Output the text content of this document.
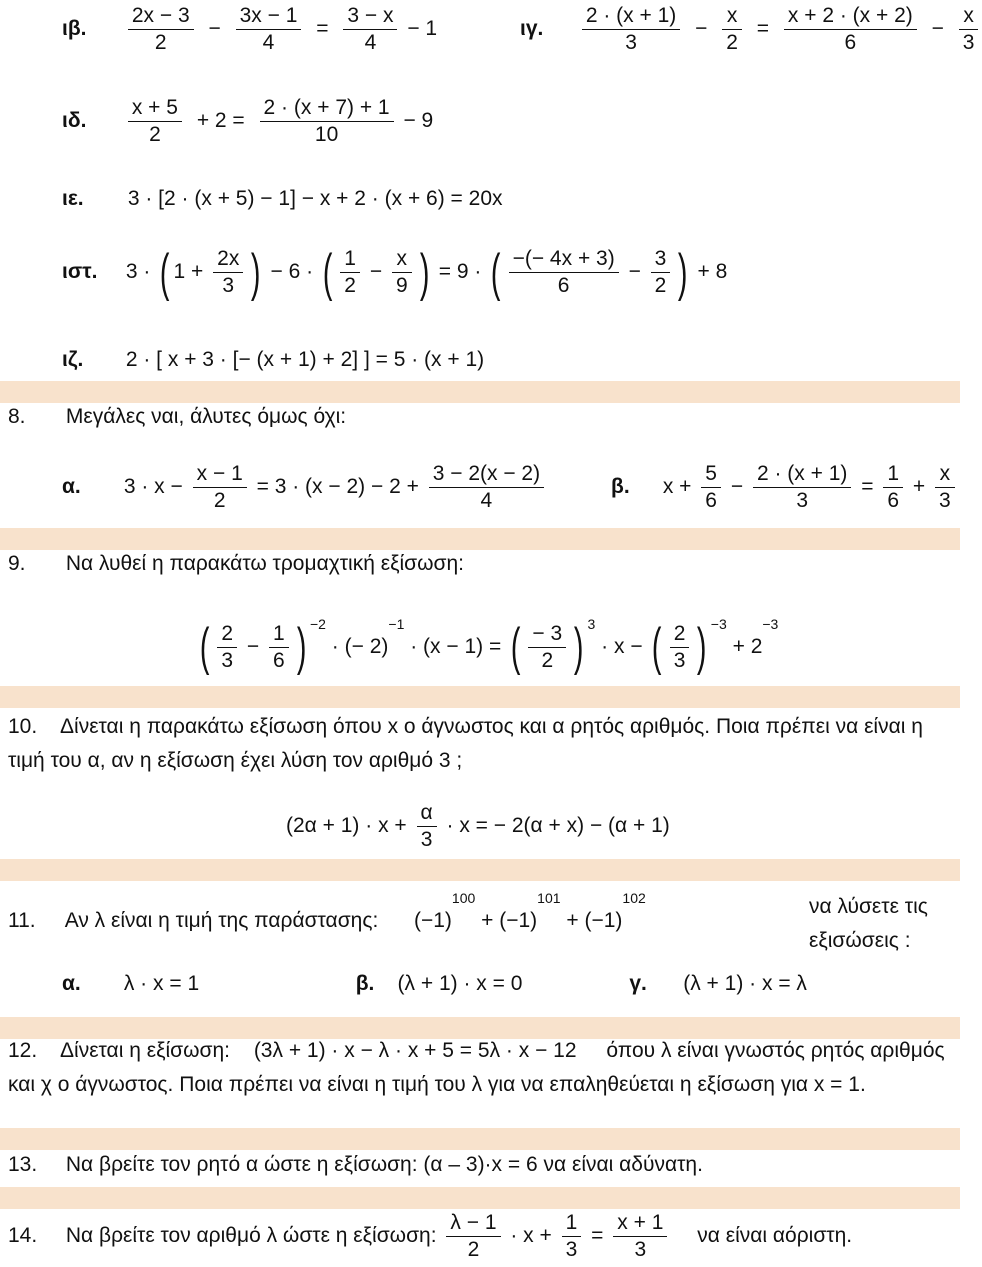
ιβ. $\frac{2x - 3}{2} - \frac{3x - 1}{4} = \frac{3 - x}{4} - 1$	ιγ. $\frac{2 \cdot (x + 1)}{3} - \frac{x}{2} = \frac{x + 2 \cdot (x + 2)}{6} - \frac{x}{3}$
ιδ. $\frac{x + 5}{2} + 2 = \frac{2 \cdot (x + 7) + 1}{10} - 9$
ιε. 3 · [2 · (x + 5) − 1] − x + 2 · (x + 6) = 20x
ιστ. 3 · ( $1 + \frac{2x}{3}$ ) − 6 · ( $\frac{1}{2} - \frac{x}{9}$ ) = 9 · ( $\frac{-(- 4x + 3)}{6} - \frac{3}{2}$ ) + 8
ιζ. 2 · [ x + 3 · [− (x + 1) + 2] ] = 5 · (x + 1)
8. Μεγάλες ναι, άλυτες όμως όχι:
α. $3 \cdot x - \frac{x - 1}{2} = 3 \cdot (x - 2) - 2 + \frac{3 - 2(x - 2)}{4}$	β. $x + \frac{5}{6} - \frac{2 \cdot (x + 1)}{3} = \frac{1}{6} + \frac{x}{3}$
9. Να λυθεί η παρακάτω τρομαχτική εξίσωση:
( $\frac{2}{3} - \frac{1}{6}$ ) $^{-2}$ · (− 2)$^{-1}$ · (x − 1) = ( $\frac{- 3}{2}$ ) $^3$ · x − ( $\frac{2}{3}$ ) $^{-3} + 2^{-3}$
10. Δίνεται η παρακάτω εξίσωση όπου x ο άγνωστος και α ρητός αριθμός. Ποια πρέπει να είναι η τιμή του α, αν η εξίσωση έχει λύση τον αριθμό 3 ;
$(2\alpha + 1) \cdot x + \frac{\alpha}{3} \cdot x$ = − 2(α + x) − (α + 1)
11. Αν λ είναι η τιμή της παράστασης: $(-1)^{100} + (-1)^{101} + (-1)^{102}$	να λύσετε τις εξισώσεις :
α. λ · x = 1	β. (λ + 1) · x = 0	γ. (λ + 1) · x = λ
12. Δίνεται η εξίσωση: (3λ + 1) · x − λ · x + 5 = 5λ · x − 12 όπου λ είναι γνωστός ρητός αριθμός και χ ο άγνωστος. Ποια πρέπει να είναι η τιμή του λ για να επαληθεύεται η εξίσωση για x = 1.
13. Να βρείτε τον ρητό α ώστε η εξίσωση: (α – 3)·x = 6 να είναι αδύνατη.
14. Να βρείτε τον αριθμό λ ώστε η εξίσωση: $\frac{\lambda - 1}{2} \cdot x + \frac{1}{3} = \frac{x + 1}{3}$ να είναι αόριστη.
